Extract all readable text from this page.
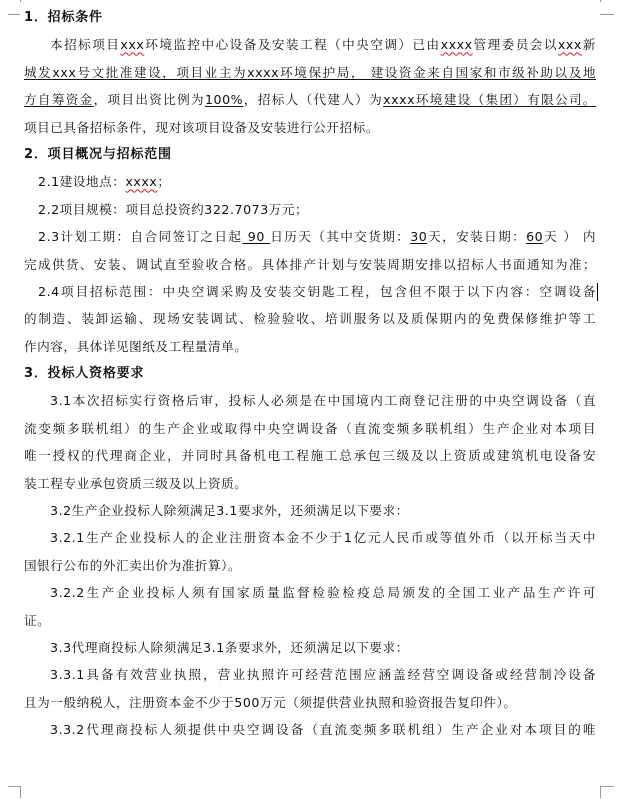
1．招标条件
本招标项目xxx环境监控中心设备及安装工程（中央空调）已由xxxx管理委员会以xxx新
城发xxx号文批准建设，项目业主为xxxx环境保护局， 建设资金来自国家和市级补助以及地
方自筹资金，项目出资比例为100%，招标人（代建人）为xxxx环境建设（集团）有限公司。
项目已具备招标条件，现对该项目设备及安装进行公开招标。
2．项目概况与招标范围
2.1建设地点：xxxx；
2.2项目规模：项目总投资约322.7073万元；
2.3计划工期：自合同签订之日起 90 日历天（其中交货期：30天，安装日期：60天 ） 内
完成供货、安装、调试直至验收合格。具体排产计划与安装周期安排以招标人书面通知为准；
2.4项目招标范围：中央空调采购及安装交钥匙工程，包含但不限于以下内容：空调设备
的制造、装卸运输、现场安装调试、检验验收、培训服务以及质保期内的免费保修维护等工
作内容，具体详见图纸及工程量清单。
3．投标人资格要求
3.1本次招标实行资格后审，投标人必须是在中国境内工商登记注册的中央空调设备（直
流变频多联机组）的生产企业或取得中央空调设备（直流变频多联机组）生产企业对本项目
唯一授权的代理商企业，并同时具备机电工程施工总承包三级及以上资质或建筑机电设备安
装工程专业承包资质三级及以上资质。
3.2生产企业投标人除须满足3.1要求外，还须满足以下要求：
3.2.1生产企业投标人的企业注册资本金不少于1亿元人民币或等值外币（以开标当天中
国银行公布的外汇卖出价为准折算）。
3.2.2生产企业投标人须有国家质量监督检验检疫总局颁发的全国工业产品生产许可
证。
3.3代理商投标人除须满足3.1条要求外，还须满足以下要求：
3.3.1具备有效营业执照，营业执照许可经营范围应涵盖经营空调设备或经营制冷设备
且为一般纳税人，注册资本金不少于500万元（须提供营业执照和验资报告复印件）。
3.3.2代理商投标人须提供中央空调设备（直流变频多联机组）生产企业对本项目的唯
